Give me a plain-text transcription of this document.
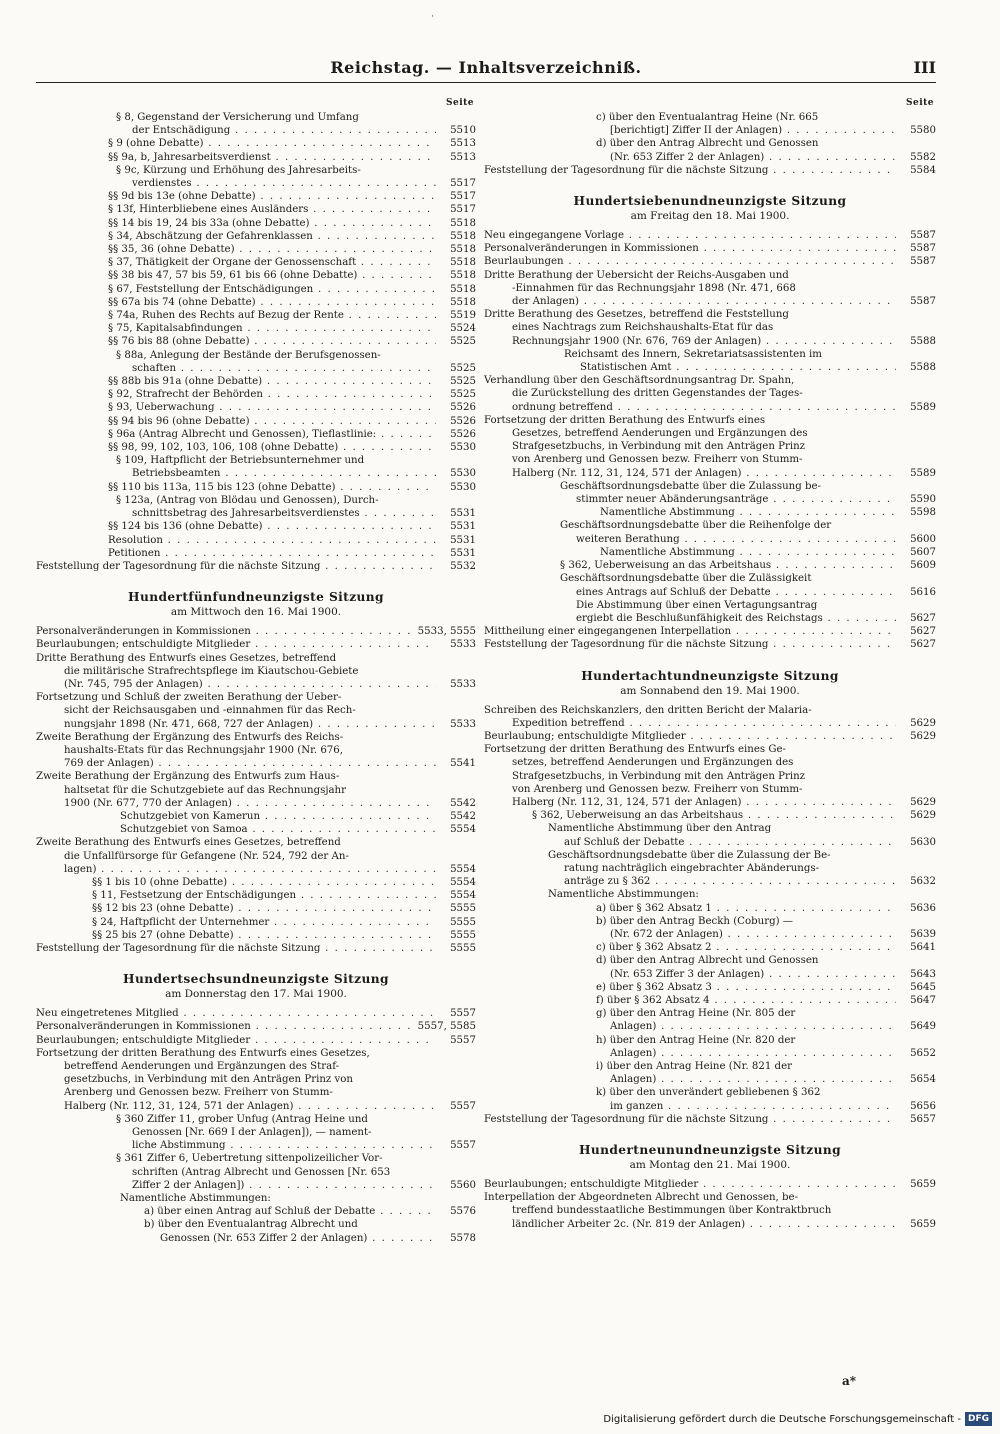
·
Reichstag. — Inhaltsverzeichniß.	III
Seite
§ 8, Gegenstand der Versicherung und Umfang
der Entschädigung . . .	5510
§ 9 (ohne Debatte) . . .	5513
§§ 9a, b, Jahresarbeitsverdienst . . .	5513
§ 9c, Kürzung und Erhöhung des Jahresarbeits-
verdienstes . . .	5517
§§ 9d bis 13e (ohne Debatte) . . .	5517
§ 13f, Hinterbliebene eines Ausländers . . .	5517
§§ 14 bis 19, 24 bis 33a (ohne Debatte) . . .	5518
§ 34, Abschätzung der Gefahrenklassen . . .	5518
§§ 35, 36 (ohne Debatte) . . .	5518
§ 37, Thätigkeit der Organe der Genossenschaft . . .	5518
§§ 38 bis 47, 57 bis 59, 61 bis 66 (ohne Debatte) . . .	5518
§ 67, Feststellung der Entschädigungen . . .	5518
§§ 67a bis 74 (ohne Debatte) . . .	5518
§ 74a, Ruhen des Rechts auf Bezug der Rente . . .	5519
§ 75, Kapitalsabfindungen . . .	5524
§§ 76 bis 88 (ohne Debatte) . . .	5525
§ 88a, Anlegung der Bestände der Berufsgenossen-
schaften . . .	5525
§§ 88b bis 91a (ohne Debatte) . . .	5525
§ 92, Strafrecht der Behörden . . .	5525
§ 93, Ueberwachung . . .	5526
§§ 94 bis 96 (ohne Debatte) . . .	5526
§ 96a (Antrag Albrecht und Genossen), Tieflastlinie: . . .	5526
§§ 98, 99, 102, 103, 106, 108 (ohne Debatte) . . .	5530
§ 109, Haftpflicht der Betriebsunternehmer und
Betriebsbeamten . . .	5530
§§ 110 bis 113a, 115 bis 123 (ohne Debatte) . . .	5530
§ 123a, (Antrag von Blödau und Genossen), Durch-
schnittsbetrag des Jahresarbeitsverdienstes . . .	5531
§§ 124 bis 136 (ohne Debatte) . . .	5531
Resolution . . .	5531
Petitionen . . .	5531
Feststellung der Tagesordnung für die nächste Sitzung . . .	5532
Hundertfünfundneunzigste Sitzung
am Mittwoch den 16. Mai 1900.
Personalveränderungen in Kommissionen . . .	5533, 5555
Beurlaubungen; entschuldigte Mitglieder . . .	5533
Dritte Berathung des Entwurfs eines Gesetzes, betreffend
die militärische Strafrechtspflege im Kiautschou-Gebiete
(Nr. 745, 795 der Anlagen) . . .	5533
Fortsetzung und Schluß der zweiten Berathung der Ueber-
sicht der Reichsausgaben und -einnahmen für das Rech-
nungsjahr 1898 (Nr. 471, 668, 727 der Anlagen) . . .	5533
Zweite Berathung der Ergänzung des Entwurfs des Reichs-
haushalts-Etats für das Rechnungsjahr 1900 (Nr. 676,
769 der Anlagen) . . .	5541
Zweite Berathung der Ergänzung des Entwurfs zum Haus-
haltsetat für die Schutzgebiete auf das Rechnungsjahr
1900 (Nr. 677, 770 der Anlagen) . . .	5542
Schutzgebiet von Kamerun . . .	5542
Schutzgebiet von Samoa . . .	5554
Zweite Berathung des Entwurfs eines Gesetzes, betreffend
die Unfallfürsorge für Gefangene (Nr. 524, 792 der An-
lagen) . . .	5554
§§ 1 bis 10 (ohne Debatte) . . .	5554
§ 11, Festsetzung der Entschädigungen . . .	5554
§§ 12 bis 23 (ohne Debatte) . . .	5555
§ 24, Haftpflicht der Unternehmer . . .	5555
§§ 25 bis 27 (ohne Debatte) . . .	5555
Feststellung der Tagesordnung für die nächste Sitzung . . .	5555
Hundertsechsundneunzigste Sitzung
am Donnerstag den 17. Mai 1900.
Neu eingetretenes Mitglied . . .	5557
Personalveränderungen in Kommissionen . . .	5557, 5585
Beurlaubungen; entschuldigte Mitglieder . . .	5557
Fortsetzung der dritten Berathung des Entwurfs eines Gesetzes,
betreffend Aenderungen und Ergänzungen des Straf-
gesetzbuchs, in Verbindung mit den Anträgen Prinz von
Arenberg und Genossen bezw. Freiherr von Stumm-
Halberg (Nr. 112, 31, 124, 571 der Anlagen) . . .	5557
§ 360 Ziffer 11, grober Unfug (Antrag Heine und
Genossen [Nr. 669 I der Anlagen]), — nament-
liche Abstimmung . . .	5557
§ 361 Ziffer 6, Uebertretung sittenpolizeilicher Vor-
schriften (Antrag Albrecht und Genossen [Nr. 653
Ziffer 2 der Anlagen]) . . .	5560
Namentliche Abstimmungen:
a) über einen Antrag auf Schluß der Debatte . . .	5576
b) über den Eventualantrag Albrecht und
Genossen (Nr. 653 Ziffer 2 der Anlagen) . . .	5578
Seite
c) über den Eventualantrag Heine (Nr. 665
[berichtigt] Ziffer II der Anlagen) . . .	5580
d) über den Antrag Albrecht und Genossen
(Nr. 653 Ziffer 2 der Anlagen) . . .	5582
Feststellung der Tagesordnung für die nächste Sitzung . . .	5584
Hundertsiebenundneunzigste Sitzung
am Freitag den 18. Mai 1900.
Neu eingegangene Vorlage . . .	5587
Personalveränderungen in Kommissionen . . .	5587
Beurlaubungen . . .	5587
Dritte Berathung der Uebersicht der Reichs-Ausgaben und
-Einnahmen für das Rechnungsjahr 1898 (Nr. 471, 668
der Anlagen) . . .	5587
Dritte Berathung des Gesetzes, betreffend die Feststellung
eines Nachtrags zum Reichshaushalts-Etat für das
Rechnungsjahr 1900 (Nr. 676, 769 der Anlagen) . . .	5588
Reichsamt des Innern, Sekretariatsassistenten im
Statistischen Amt . . .	5588
Verhandlung über den Geschäftsordnungsantrag Dr. Spahn,
die Zurückstellung des dritten Gegenstandes der Tages-
ordnung betreffend . . .	5589
Fortsetzung der dritten Berathung des Entwurfs eines
Gesetzes, betreffend Aenderungen und Ergänzungen des
Strafgesetzbuchs, in Verbindung mit den Anträgen Prinz
von Arenberg und Genossen bezw. Freiherr von Stumm-
Halberg (Nr. 112, 31, 124, 571 der Anlagen) . . .	5589
Geschäftsordnungsdebatte über die Zulassung be-
stimmter neuer Abänderungsanträge . . .	5590
Namentliche Abstimmung . . .	5598
Geschäftsordnungsdebatte über die Reihenfolge der
weiteren Berathung . . .	5600
Namentliche Abstimmung . . .	5607
§ 362, Ueberweisung an das Arbeitshaus . . .	5609
Geschäftsordnungsdebatte über die Zulässigkeit
eines Antrags auf Schluß der Debatte . . .	5616
Die Abstimmung über einen Vertagungsantrag
ergiebt die Beschlußunfähigkeit des Reichstags . . .	5627
Mittheilung einer eingegangenen Interpellation . . .	5627
Feststellung der Tagesordnung für die nächste Sitzung . . .	5627
Hundertachtundneunzigste Sitzung
am Sonnabend den 19. Mai 1900.
Schreiben des Reichskanzlers, den dritten Bericht der Malaria-
Expedition betreffend . . .	5629
Beurlaubung; entschuldigte Mitglieder . . .	5629
Fortsetzung der dritten Berathung des Entwurfs eines Ge-
setzes, betreffend Aenderungen und Ergänzungen des
Strafgesetzbuchs, in Verbindung mit den Anträgen Prinz
von Arenberg und Genossen bezw. Freiherr von Stumm-
Halberg (Nr. 112, 31, 124, 571 der Anlagen) . . .	5629
§ 362, Ueberweisung an das Arbeitshaus . . .	5629
Namentliche Abstimmung über den Antrag
auf Schluß der Debatte . . .	5630
Geschäftsordnungsdebatte über die Zulassung der Be-
ratung nachträglich eingebrachter Abänderungs-
anträge zu § 362 . . .	5632
Namentliche Abstimmungen:
a) über § 362 Absatz 1 . . .	5636
b) über den Antrag Beckh (Coburg) —
(Nr. 672 der Anlagen) . . .	5639
c) über § 362 Absatz 2 . . .	5641
d) über den Antrag Albrecht und Genossen
(Nr. 653 Ziffer 3 der Anlagen) . . .	5643
e) über § 362 Absatz 3 . . .	5645
f) über § 362 Absatz 4 . . .	5647
g) über den Antrag Heine (Nr. 805 der
Anlagen) . . .	5649
h) über den Antrag Heine (Nr. 820 der
Anlagen) . . .	5652
i) über den Antrag Heine (Nr. 821 der
Anlagen) . . .	5654
k) über den unverändert gebliebenen § 362
im ganzen . . .	5656
Feststellung der Tagesordnung für die nächste Sitzung . . .	5657
Hundertneunundneunzigste Sitzung
am Montag den 21. Mai 1900.
Beurlaubungen; entschuldigte Mitglieder . . .	5659
Interpellation der Abgeordneten Albrecht und Genossen, be-
treffend bundesstaatliche Bestimmungen über Kontraktbruch
ländlicher Arbeiter 2c. (Nr. 819 der Anlagen) . . .	5659
a*
Digitalisierung gefördert durch die Deutsche Forschungsgemeinschaft - DFG
